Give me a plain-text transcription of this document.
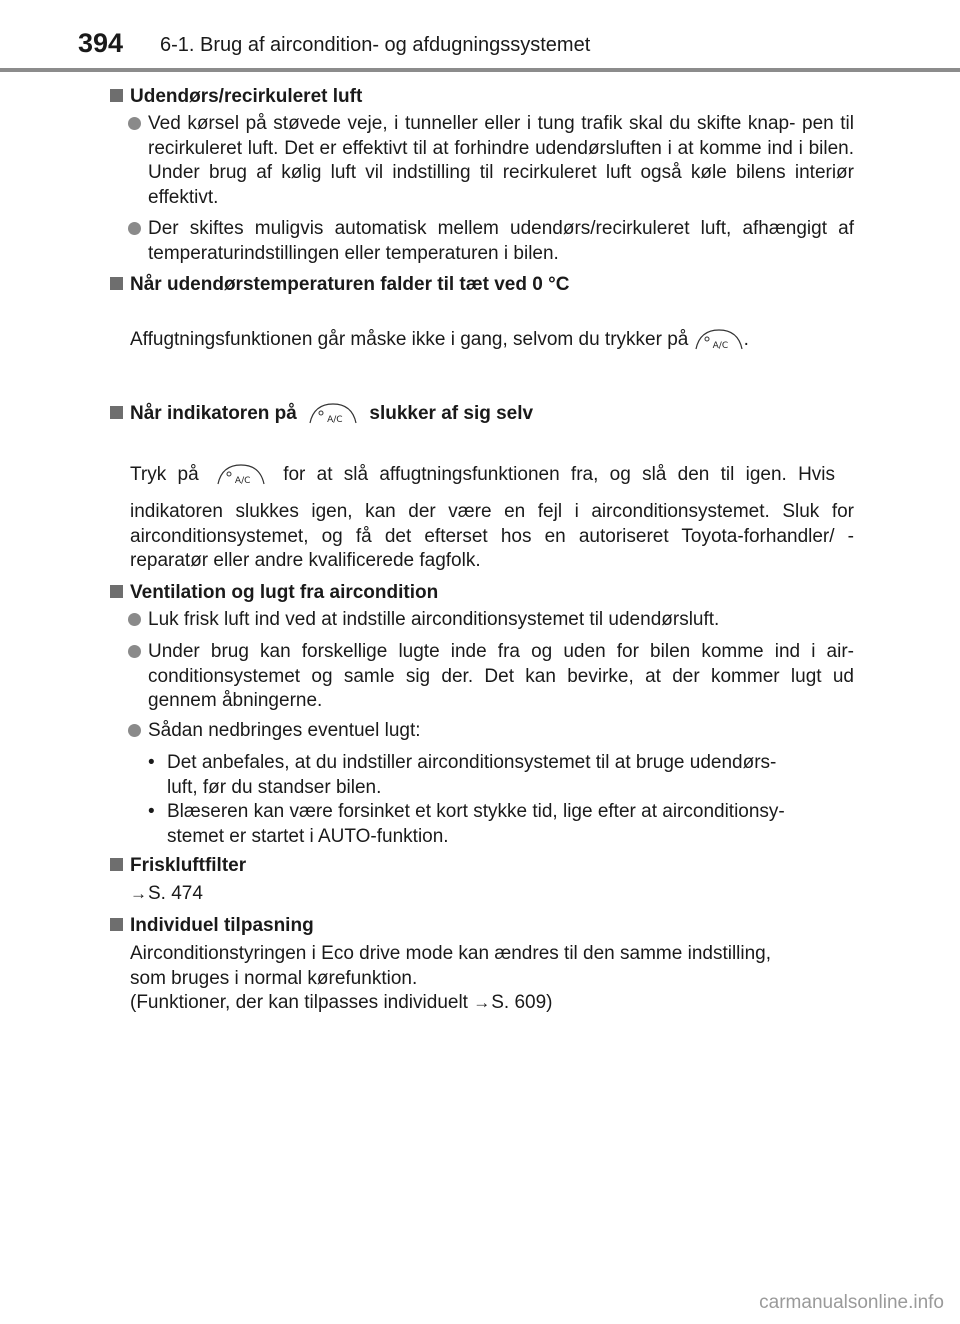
394 6-1. Brug af aircondition- og afdugningssystemet
Udendørs/recirkuleret luft
Ved kørsel på støvede veje, i tunneller eller i tung trafik skal du skifte knap- pen til recirkuleret luft. Det er effektivt til at forhindre udendørsluften i at komme ind i bilen. Under brug af kølig luft vil indstilling til recirkuleret luft også køle bilens interiør effektivt.
Der skiftes muligvis automatisk mellem udendørs/recirkuleret luft, afhængigt af temperaturindstillingen eller temperaturen i bilen.
Når udendørstemperaturen falder til tæt ved 0 °C
Affugtningsfunktionen går måske ikke i gang, selvom du trykker på	A/C .
Når indikatoren på	A/C slukker af sig selv
Tryk på	A/C for at slå affugtningsfunktionen fra, og slå den til igen. Hvis
indikatoren slukkes igen, kan der være en fejl i airconditionsystemet. Sluk for airconditionsystemet, og få det efterset hos en autoriseret Toyota-forhandler/ -reparatør eller andre kvalificerede fagfolk.
Ventilation og lugt fra aircondition
Luk frisk luft ind ved at indstille airconditionsystemet til udendørsluft.
Under brug kan forskellige lugte inde fra og uden for bilen komme ind i air- conditionsystemet og samle sig der. Det kan bevirke, at der kommer lugt ud gennem åbningerne.
Sådan nedbringes eventuel lugt:
• Det anbefales, at du indstiller airconditionsystemet til at bruge udendørs-
luft, før du standser bilen.
• Blæseren kan være forsinket et kort stykke tid, lige efter at airconditionsy-
stemet er startet i AUTO-funktion.
Friskluftfilter
→S. 474
Individuel tilpasning
Airconditionstyringen i Eco drive mode kan ændres til den samme indstilling,
som bruges i normal kørefunktion.
(Funktioner, der kan tilpasses individuelt →S. 609)
carmanualsonline.info
